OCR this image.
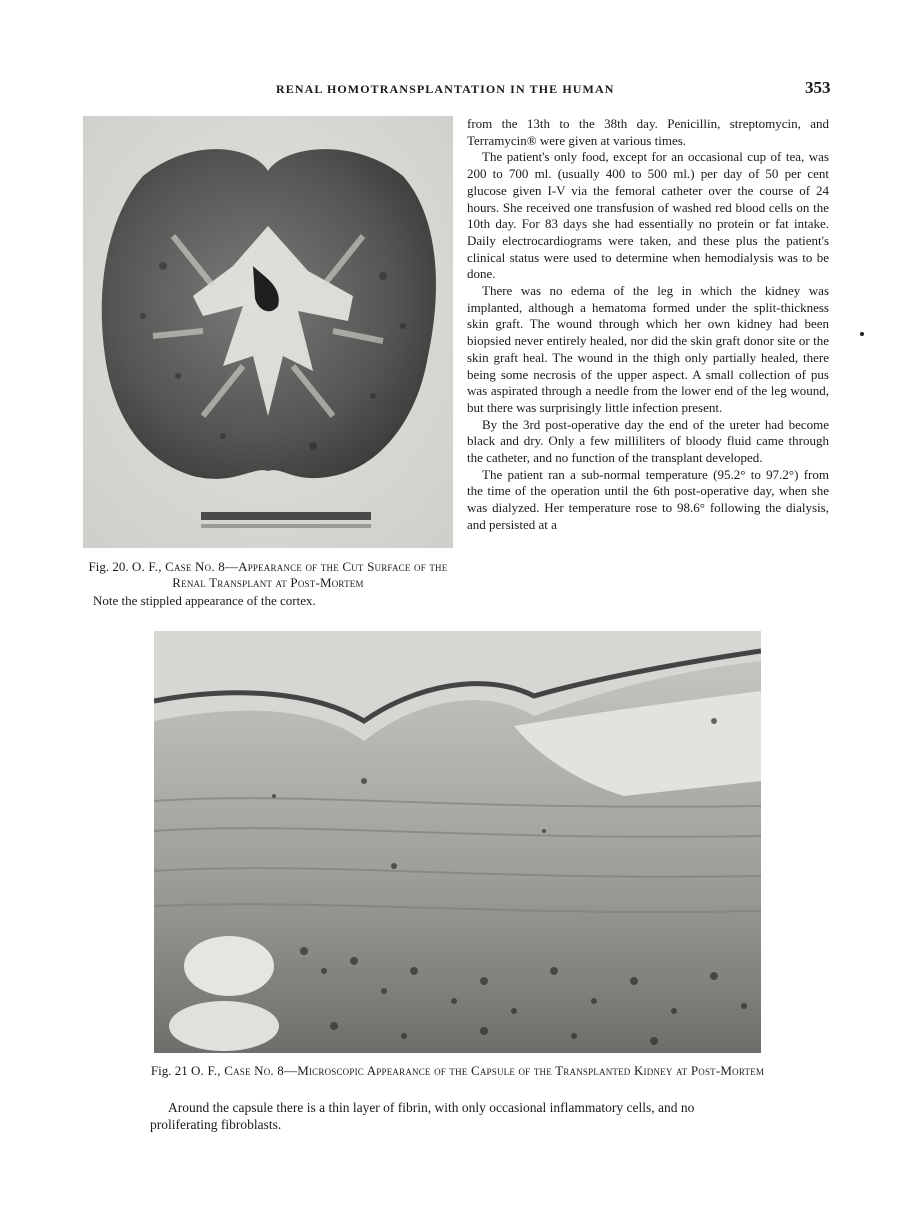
RENAL HOMOTRANSPLANTATION IN THE HUMAN	353
Fig. 20. O. F., Case No. 8—Appearance of the Cut Surface of the Renal Transplant at Post-Mortem
Note the stippled appearance of the cortex.

from the 13th to the 38th day. Penicillin, streptomycin, and Terramycin® were given at various times.

The patient's only food, except for an occasional cup of tea, was 200 to 700 ml. (usually 400 to 500 ml.) per day of 50 per cent glucose given I-V via the femoral catheter over the course of 24 hours. She received one transfusion of washed red blood cells on the 10th day. For 83 days she had essentially no protein or fat intake. Daily electrocardiograms were taken, and these plus the patient's clinical status were used to determine when hemodialysis was to be done.

There was no edema of the leg in which the kidney was implanted, although a hematoma formed under the split-thickness skin graft. The wound through which her own kidney had been biopsied never entirely healed, nor did the skin graft donor site or the skin graft heal. The wound in the thigh only partially healed, there being some necrosis of the upper aspect. A small collection of pus was aspirated through a needle from the lower end of the leg wound, but there was surprisingly little infection present.

By the 3rd post-operative day the end of the ureter had become black and dry. Only a few milliliters of bloody fluid came through the catheter, and no function of the transplant developed.

The patient ran a sub-normal temperature (95.2° to 97.2°) from the time of the operation until the 6th post-operative day, when she was dialyzed. Her temperature rose to 98.6° following the dialysis, and persisted at a

Fig. 21 O. F., Case No. 8—Microscopic Appearance of the Capsule of the Transplanted Kidney at Post-Mortem
Around the capsule there is a thin layer of fibrin, with only occasional inflammatory cells, and no proliferating fibroblasts.
